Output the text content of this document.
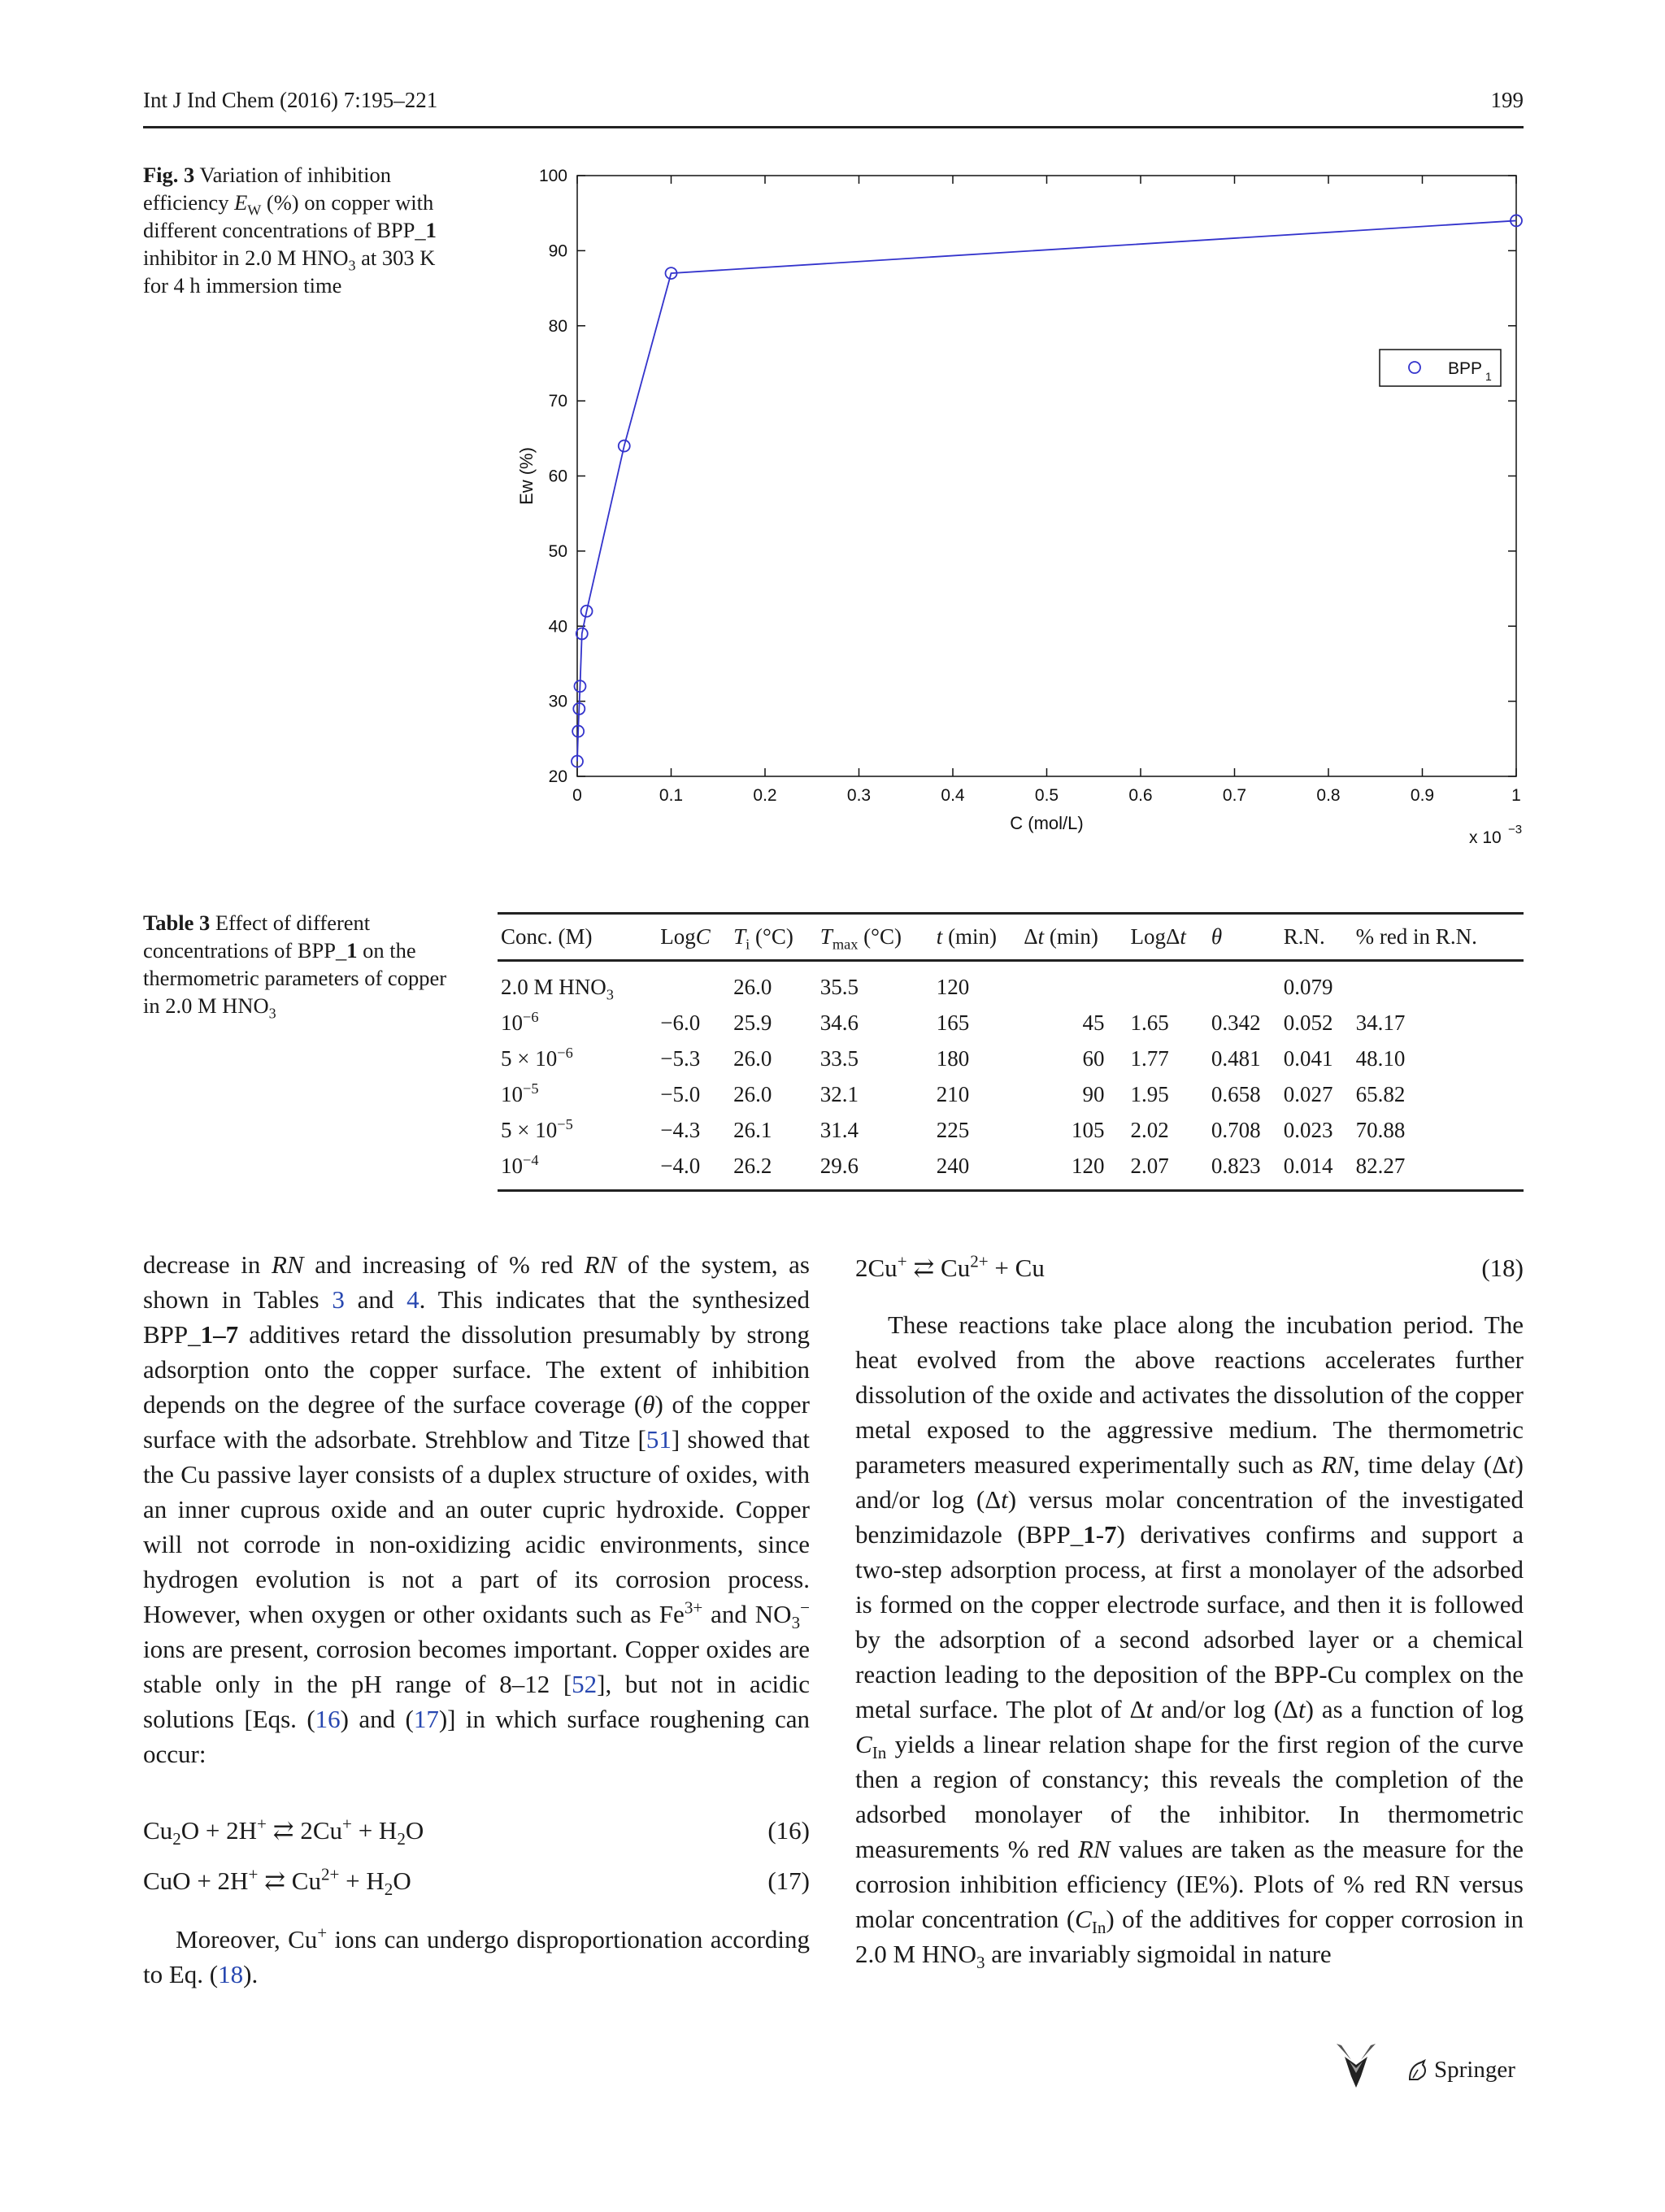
Int J Ind Chem (2016) 7:195–221	199
Fig. 3 Variation of inhibition efficiency $E_W$ (%) on copper with different concentrations of BPP_1 inhibitor in 2.0 M $HNO_3$ at 303 K for 4 h immersion time
0	0.1	0.2	0.3	0.4	0.5	0.6	0.7	0.8	0.9	1
20
30
40
50
60
70
80
90
100
C (mol/L)
Ew (%)
x 10 −3
BPP 1
Table 3 Effect of different concentrations of BPP_1 on the thermometric parameters of copper in 2.0 M $HNO_3$
Conc. (M)	LogC	$T_i$ (°C)	$T_{max}$ (°C)	t (min)	Δt (min)	LogΔt	θ	R.N.	% red in R.N.
2.0 M $HNO_3$		26.0	35.5	120				0.079	
$10^{-6}$	−6.0	25.9	34.6	165	45	1.65	0.342	0.052	34.17
$5 \times 10^{-6}$	−5.3	26.0	33.5	180	60	1.77	0.481	0.041	48.10
$10^{-5}$	−5.0	26.0	32.1	210	90	1.95	0.658	0.027	65.82
$5 \times 10^{-5}$	−4.3	26.1	31.4	225	105	2.02	0.708	0.023	70.88
$10^{-4}$	−4.0	26.2	29.6	240	120	2.07	0.823	0.014	82.27

decrease in RN and increasing of % red RN of the system, as shown in Tables 3 and 4. This indicates that the synthesized BPP_1–7 additives retard the dissolution presumably by strong adsorption onto the copper surface. The extent of inhibition depends on the degree of the surface coverage (θ) of the copper surface with the adsorbate. Strehblow and Titze [51] showed that the Cu passive layer consists of a duplex structure of oxides, with an inner cuprous oxide and an outer cupric hydroxide. Copper will not corrode in non-oxidizing acidic environments, since hydrogen evolution is not a part of its corrosion process. However, when oxygen or other oxidants such as $Fe^{3+}$ and $NO_3^-$ ions are present, corrosion becomes important. Copper oxides are stable only in the pH range of 8–12 [52], but not in acidic solutions [Eqs. (16) and (17)] in which surface roughening can occur:

$Cu_2O + 2H^+$ ⇄ $2Cu^+ + H_2O$	(16)
CuO + 2H+ ⇄ $Cu^{2+} + H_2O$	(17)

Moreover, Cu+ ions can undergo disproportionation according to Eq. (18).

2Cu+ ⇄ $Cu^{2+} + Cu$	(18)

These reactions take place along the incubation period. The heat evolved from the above reactions accelerates further dissolution of the oxide and activates the dissolution of the copper metal exposed to the aggressive medium. The thermometric parameters measured experimentally such as RN, time delay (Δt) and/or log (Δt) versus molar concentration of the investigated benzimidazole (BPP_1-7) derivatives confirms and support a two-step adsorption process, at first a monolayer of the adsorbed is formed on the copper electrode surface, and then it is followed by the adsorption of a second adsorbed layer or a chemical reaction leading to the deposition of the BPP-Cu complex on the metal surface. The plot of Δt and/or log (Δt) as a function of $\log C_{In}$ yields a linear relation shape for the first region of the curve then a region of constancy; this reveals the completion of the adsorbed monolayer of the inhibitor. In thermometric measurements % red RN values are taken as the measure for the corrosion inhibition efficiency (IE%). Plots of % red RN versus molar concentration $(C_{In})$ of the additives for copper corrosion in 2.0 M $HNO_3$ are invariably sigmoidal in nature

Springer
